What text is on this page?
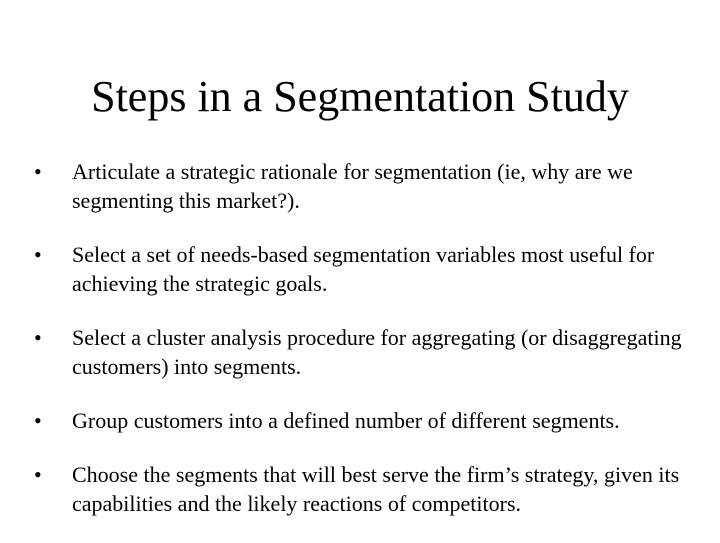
Steps in a Segmentation Study
•	Articulate a strategic rationale for segmentation (ie, why are we segmenting this market?).
•	Select a set of needs-based segmentation variables most useful for achieving the strategic goals.
•	Select a cluster analysis procedure for aggregating (or disaggregating customers) into segments.
•	Group customers into a defined number of different segments.
•	Choose the segments that will best serve the firm’s strategy, given its capabilities and the likely reactions of competitors.
